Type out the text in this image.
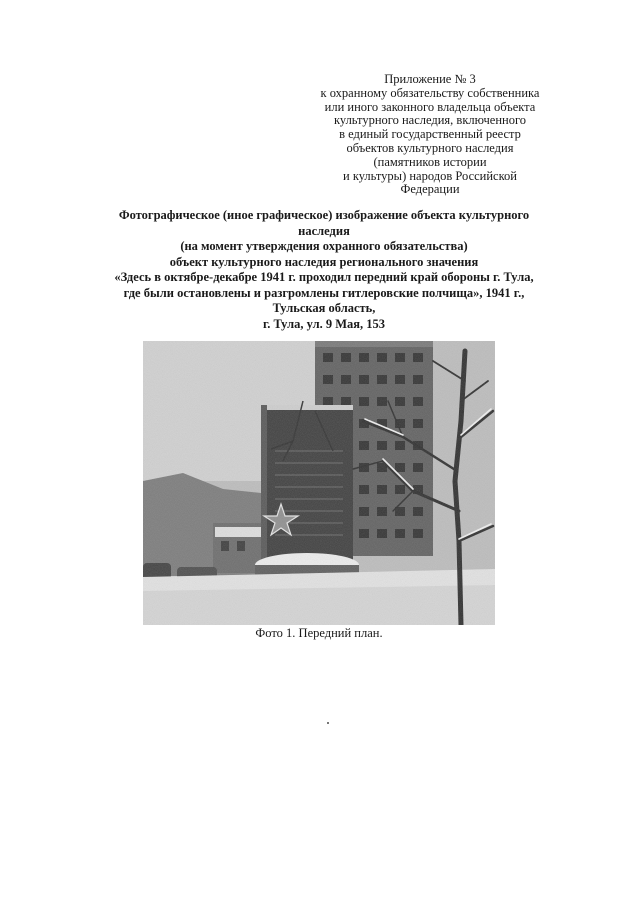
Приложение № 3
к охранному обязательству собственника
или иного законного владельца объекта
культурного наследия, включенного
в единый государственный реестр
объектов культурного наследия
(памятников истории
и культуры) народов Российской
Федерации
Фотографическое (иное графическое) изображение объекта культурного
наследия
(на момент утверждения охранного обязательства)
объект культурного наследия регионального значения
«Здесь в октябре-декабре 1941 г. проходил передний край обороны г. Тула,
где были остановлены и разгромлены гитлеровские полчища», 1941 г.,
Тульская область,
г. Тула, ул. 9 Мая, 153
Фото 1. Передний план.
